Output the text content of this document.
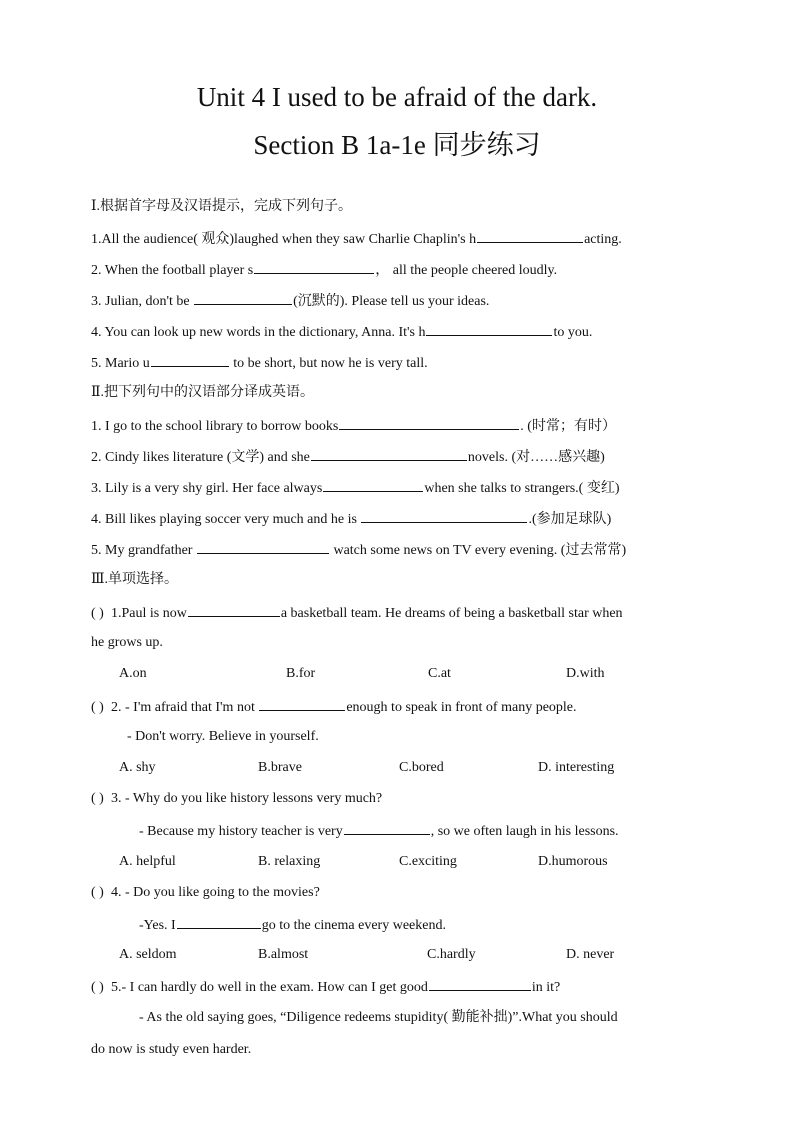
Unit 4 I used to be afraid of the dark.
Section B 1a-1e 同步练习
Ⅰ.根据首字母及汉语提示，完成下列句子。
1.All the audience( 观众)laughed when they saw Charlie Chaplin's h	acting.
2. When the football player s	， all the people cheered loudly.
3. Julian, don't be	(沉默的). Please tell us your ideas.
4. You can look up new words in the dictionary, Anna. It's h	to you.
5. Mario u	to be short, but now he is very tall.
Ⅱ.把下列句中的汉语部分译成英语。
1. I go to the school library to borrow books	. (时常；有时）
2. Cindy likes literature (文学) and she	novels. (对……感兴趣)
3. Lily is a very shy girl. Her face always	when she talks to strangers.( 变红)
4. Bill likes playing soccer very much and he is	.(参加足球队)
5. My grandfather	watch some news on TV every evening. (过去常常)
Ⅲ.单项选择。
( ) 1.Paul is now	a basketball team. He dreams of being a basketball star when
he grows up.
A.on	B.for	C.at	D.with
( ) 2. - I'm afraid that I'm not	enough to speak in front of many people.
- Don't worry. Believe in yourself.
A. shy	B.brave	C.bored	D. interesting
( ) 3. - Why do you like history lessons very much?
- Because my history teacher is very	, so we often laugh in his lessons.
A. helpful	B. relaxing	C.exciting	D.humorous
( ) 4. - Do you like going to the movies?
-Yes. I	go to the cinema every weekend.
A. seldom	B.almost	C.hardly	D. never
( ) 5.- I can hardly do well in the exam. How can I get good	in it?
- As the old saying goes, “Diligence redeems stupidity( 勤能补拙)”.What you should
do now is study even harder.
